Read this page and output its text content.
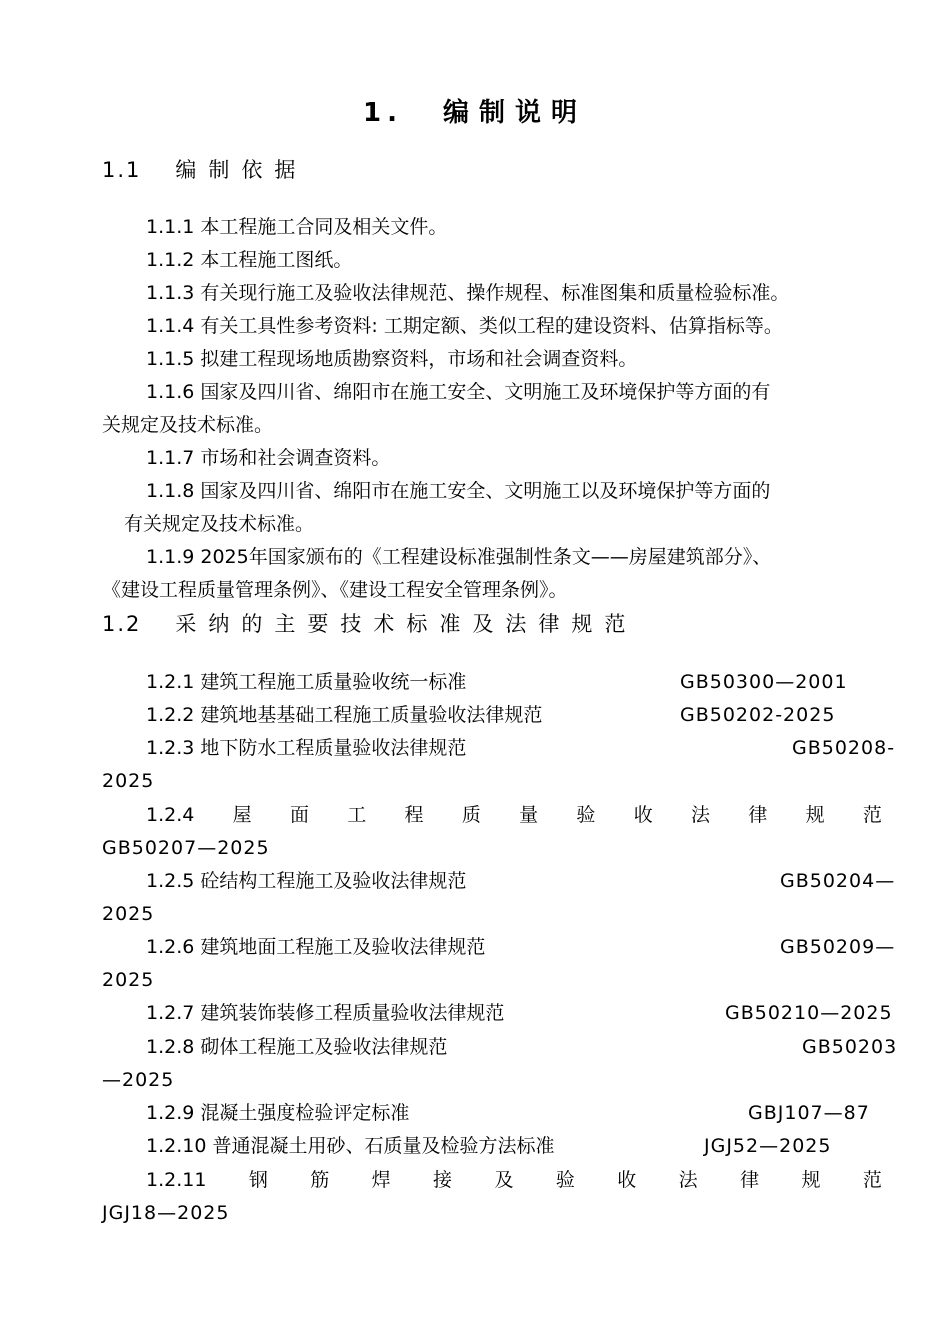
1. 编制说明
1.1 编制依据
1.1.1 本工程施工合同及相关文件。
1.1.2 本工程施工图纸。
1.1.3 有关现行施工及验收法律规范、操作规程、标准图集和质量检验标准。
1.1.4 有关工具性参考资料: 工期定额、类似工程的建设资料、估算指标等。
1.1.5 拟建工程现场地质勘察资料，市场和社会调查资料。
1.1.6 国家及四川省、绵阳市在施工安全、文明施工及环境保护等方面的有
关规定及技术标准。
1.1.7 市场和社会调查资料。
1.1.8 国家及四川省、绵阳市在施工安全、文明施工以及环境保护等方面的
有关规定及技术标准。
1.1.9 2025年国家颁布的《工程建设标准强制性条文——房屋建筑部分》、
《建设工程质量管理条例》、《建设工程安全管理条例》。
1.2 采纳的主要技术标准及法律规范
1.2.1 建筑工程施工质量验收统一标准	GB50300—2001
1.2.2 建筑地基基础工程施工质量验收法律规范	GB50202-2025
1.2.3 地下防水工程质量验收法律规范	GB50208-
2025
1.2.4 屋 面 工 程 质 量 验 收 法 律 规 范
GB50207—2025
1.2.5 砼结构工程施工及验收法律规范	GB50204—
2025
1.2.6 建筑地面工程施工及验收法律规范	GB50209—
2025
1.2.7 建筑装饰装修工程质量验收法律规范	GB50210—2025
1.2.8 砌体工程施工及验收法律规范	GB50203
—2025
1.2.9 混凝土强度检验评定标准	GBJ107—87
1.2.10 普通混凝土用砂、石质量及检验方法标准	JGJ52—2025
1.2.11 钢 筋 焊 接 及 验 收 法 律 规 范
JGJ18—2025
